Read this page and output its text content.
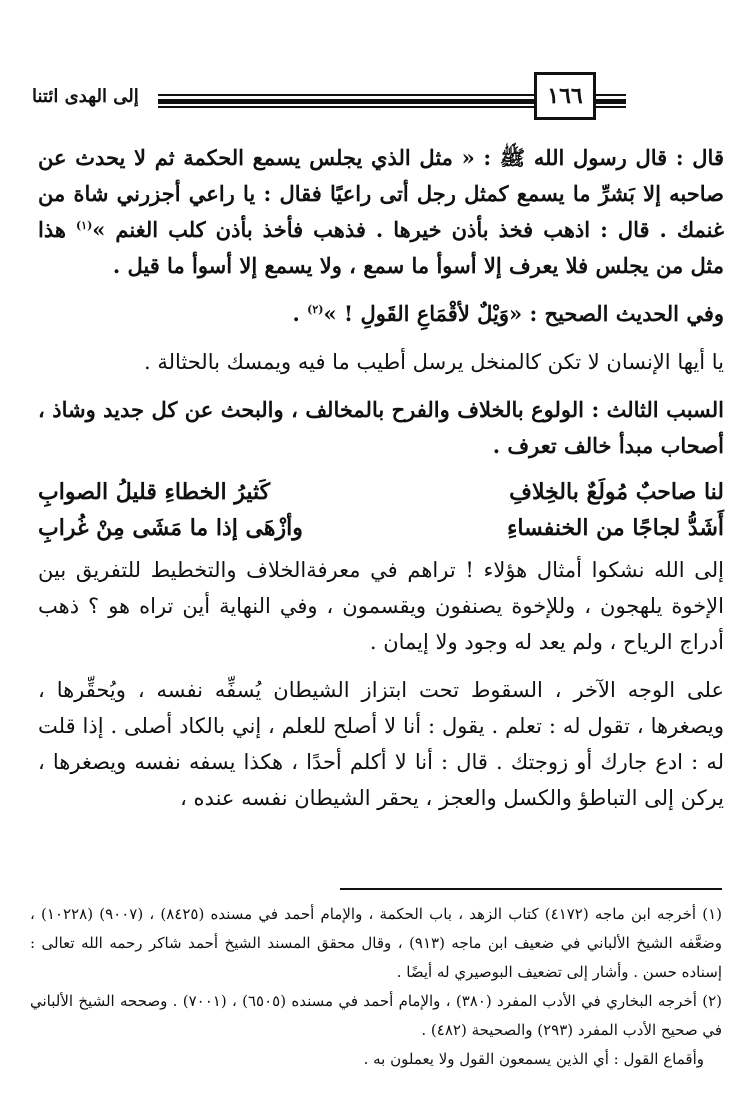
إلى الهدى ائتنا	١٦٦

قال : قال رسول الله ﷺ : « مثل الذي يجلس يسمع الحكمة ثم لا يحدث عن صاحبه إلا بَشرِّ ما يسمع كمثل رجل أتى راعيًا فقال : يا راعي أجزرني شاة من غنمك . قال : اذهب فخذ بأذن خيرها . فذهب فأخذ بأذن كلب الغنم »$^{(١)}$ هذا مثل من يجلس فلا يعرف إلا أسوأ ما سمع ، ولا يسمع إلا أسوأ ما قيل .

وفي الحديث الصحيح : «وَيْلٌ لأقْمَاعِ القَولِ ! »$^{(٢)}$ .

يا أيها الإنسان لا تكن كالمنخل يرسل أطيب ما فيه ويمسك بالحثالة .

السبب الثالث : الولوع بالخلاف والفرح بالمخالف ، والبحث عن كل جديد وشاذ ، أصحاب مبدأ خالف تعرف .

لنا صاحبٌ مُولَعٌ بالخِلافِ
كَثيرُ الخطاءِ قليلُ الصوابِ
أَشَدُّ لجاجًا من الخنفساءِ
وأزْهَى إذا ما مَشَى مِنْ غُرابِ

إلى الله نشكوا أمثال هؤلاء ! تراهم في معرفةالخلاف والتخطيط للتفريق بين الإخوة يلهجون ، وللإخوة يصنفون ويقسمون ، وفي النهاية أين تراه هو ؟ ذهب أدراج الرياح ، ولم يعد له وجود ولا إيمان .

على الوجه الآخر ، السقوط تحت ابتزاز الشيطان يُسفِّه نفسه ، ويُحقِّرها ، ويصغرها ، تقول له : تعلم . يقول : أنا لا أصلح للعلم ، إني بالكاد أصلى . إذا قلت له : ادع جارك أو زوجتك . قال : أنا لا أكلم أحدًا ، هكذا يسفه نفسه ويصغرها ، يركن إلى التباطؤ والكسل والعجز ، يحقر الشيطان نفسه عنده ،

(١) أخرجه ابن ماجه (٤١٧٢) كتاب الزهد ، باب الحكمة ، والإمام أحمد في مسنده (٨٤٢٥) ، (٩٠٠٧) (١٠٢٢٨) ، وضعَّفه الشيخ الألباني في ضعيف ابن ماجه (٩١٣) ، وقال محقق المسند الشيخ أحمد شاكر رحمه الله تعالى : إسناده حسن . وأشار إلى تضعيف البوصيري له أيضًا .

(٢) أخرجه البخاري في الأدب المفرد (٣٨٠) ، والإمام أحمد في مسنده (٦٥٠٥) ، (٧٠٠١) . وصححه الشيخ الألباني في صحيح الأدب المفرد (٢٩٣) والصحيحة (٤٨٢) .

وأقماع القول : أي الذين يسمعون القول ولا يعملون به .
